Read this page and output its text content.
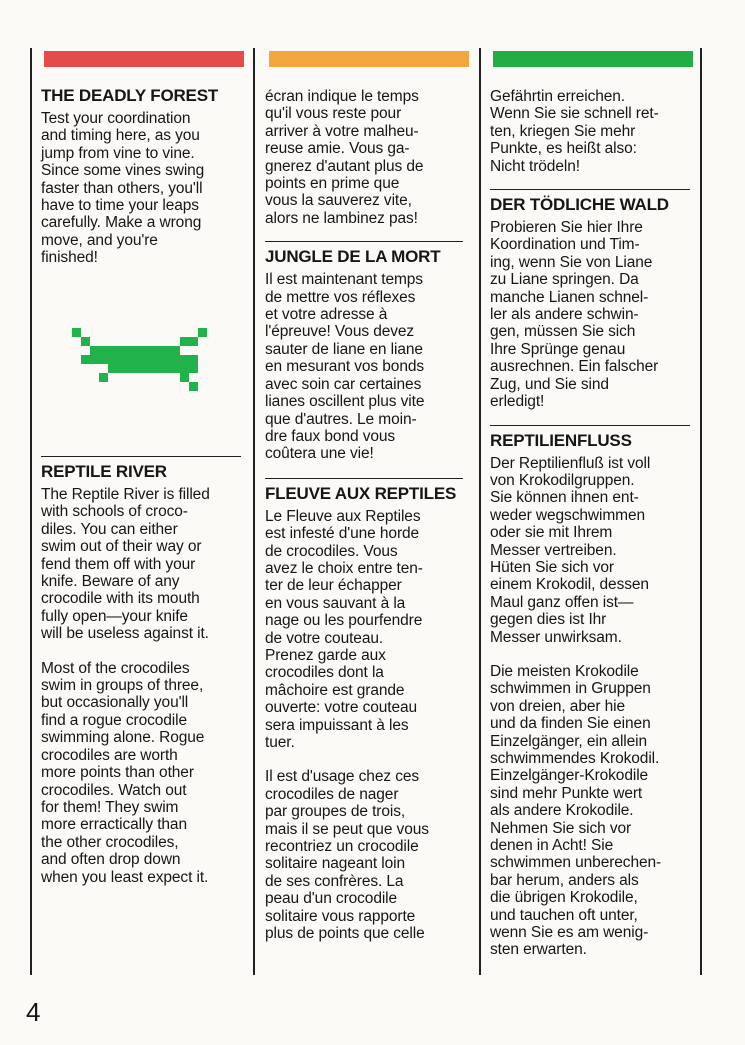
THE DEADLY FOREST

Test your coordination
and timing here, as you
jump from vine to vine.
Since some vines swing
faster than others, you'll
have to time your leaps
carefully. Make a wrong
move, and you're
finished!

REPTILE RIVER

The Reptile River is filled
with schools of croco-
diles. You can either
swim out of their way or
fend them off with your
knife. Beware of any
crocodile with its mouth
fully open—your knife
will be useless against it.

Most of the crocodiles
swim in groups of three,
but occasionally you'll
find a rogue crocodile
swimming alone. Rogue
crocodiles are worth
more points than other
crocodiles. Watch out
for them! They swim
more erractically than
the other crocodiles,
and often drop down
when you least expect it.

écran indique le temps
qu'il vous reste pour
arriver à votre malheu-
reuse amie. Vous ga-
gnerez d'autant plus de
points en prime que
vous la sauverez vite,
alors ne lambinez pas!

JUNGLE DE LA MORT

Il est maintenant temps
de mettre vos réflexes
et votre adresse à
l'épreuve! Vous devez
sauter de liane en liane
en mesurant vos bonds
avec soin car certaines
lianes oscillent plus vite
que d'autres. Le moin-
dre faux bond vous
coûtera une vie!

FLEUVE AUX REPTILES

Le Fleuve aux Reptiles
est infesté d'une horde
de crocodiles. Vous
avez le choix entre ten-
ter de leur échapper
en vous sauvant à la
nage ou les pourfendre
de votre couteau.
Prenez garde aux
crocodiles dont la
mâchoire est grande
ouverte: votre couteau
sera impuissant à les
tuer.

Il est d'usage chez ces
crocodiles de nager
par groupes de trois,
mais il se peut que vous
recontriez un crocodile
solitaire nageant loin
de ses confrères. La
peau d'un crocodile
solitaire vous rapporte
plus de points que celle

Gefährtin erreichen.
Wenn Sie sie schnell ret-
ten, kriegen Sie mehr
Punkte, es heißt also:
Nicht trödeln!

DER TÖDLICHE WALD

Probieren Sie hier Ihre
Koordination und Tim-
ing, wenn Sie von Liane
zu Liane springen. Da
manche Lianen schnel-
ler als andere schwin-
gen, müssen Sie sich
Ihre Sprünge genau
ausrechnen. Ein falscher
Zug, und Sie sind
erledigt!

REPTILIENFLUSS

Der Reptilienfluß ist voll
von Krokodilgruppen.
Sie können ihnen ent-
weder wegschwimmen
oder sie mit Ihrem
Messer vertreiben.
Hüten Sie sich vor
einem Krokodil, dessen
Maul ganz offen ist—
gegen dies ist Ihr
Messer unwirksam.

Die meisten Krokodile
schwimmen in Gruppen
von dreien, aber hie
und da finden Sie einen
Einzelgänger, ein allein
schwimmendes Krokodil.
Einzelgänger-Krokodile
sind mehr Punkte wert
als andere Krokodile.
Nehmen Sie sich vor
denen in Acht! Sie
schwimmen unberechen-
bar herum, anders als
die übrigen Krokodile,
und tauchen oft unter,
wenn Sie es am wenig-
sten erwarten.

4
